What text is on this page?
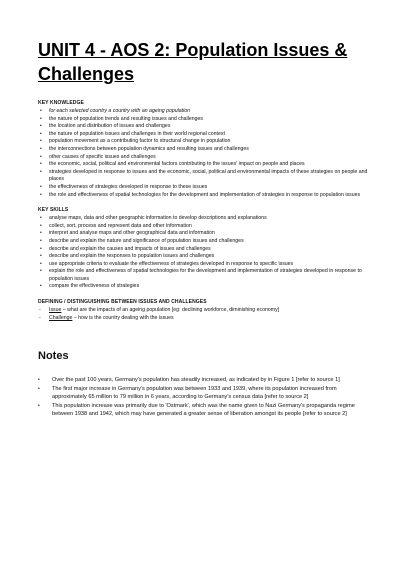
UNIT 4 - AOS 2: Population Issues &
Challenges
KEY KNOWLEDGE
• for each selected country a country with an ageing population
• the nature of population trends and resulting issues and challenges
• the location and distribution of issues and challenges
• the nature of population issues and challenges in their world regional context
• population movement as a contributing factor to structural change in population
• the interconnections between population dynamics and resulting issues and challenges
• other causes of specific issues and challenges
• the economic, social, political and environmental factors contributing to the issues' impact on people and places
• strategies developed in response to issues and the economic, social, political and environmental impacts of these strategies on people and places
• the effectiveness of strategies developed in response to these issues
• the role and effectiveness of spatial technologies for the development and implementation of strategies in response to population issues
KEY SKILLS
• analyse maps, data and other geographic information to develop descriptions and explanations
• collect, sort, process and represent data and other information
• interpret and analyse maps and other geographical data and information
• describe and explain the nature and significance of population issues and challenges
• describe and explain the causes and impacts of issues and challenges
• describe and explain the responses to population issues and challenges
• use appropriate criteria to evaluate the effectiveness of strategies developed in response to specific issues
• explain the role and effectiveness of spatial technologies for the development and implementation of strategies developed in response to population issues
• compare the effectiveness of strategies
DEFINING / DISTINGUISHING BETWEEN ISSUES AND CHALLENGES
- Issue – what are the impacts of an ageing population [eg: declining workforce, diminishing economy]
- Challenge – how is the country dealing with the issues
Notes
• Over the past 100 years, Germany's population has steadily increased, as indicated by in Figure 1 [refer to source 1]
• The first major increase in Germany's population was between 1933 and 1939, where its population increased from approximately 65 million to 79 million in 6 years, according to Germany's census data [refer to source 2]
• This population increase was primarily due to 'Ostmark', which was the name given to Nazi Germany's propaganda regime between 1938 and 1942, which may have generated a greater sense of liberation amongst its people [refer to source 2]
